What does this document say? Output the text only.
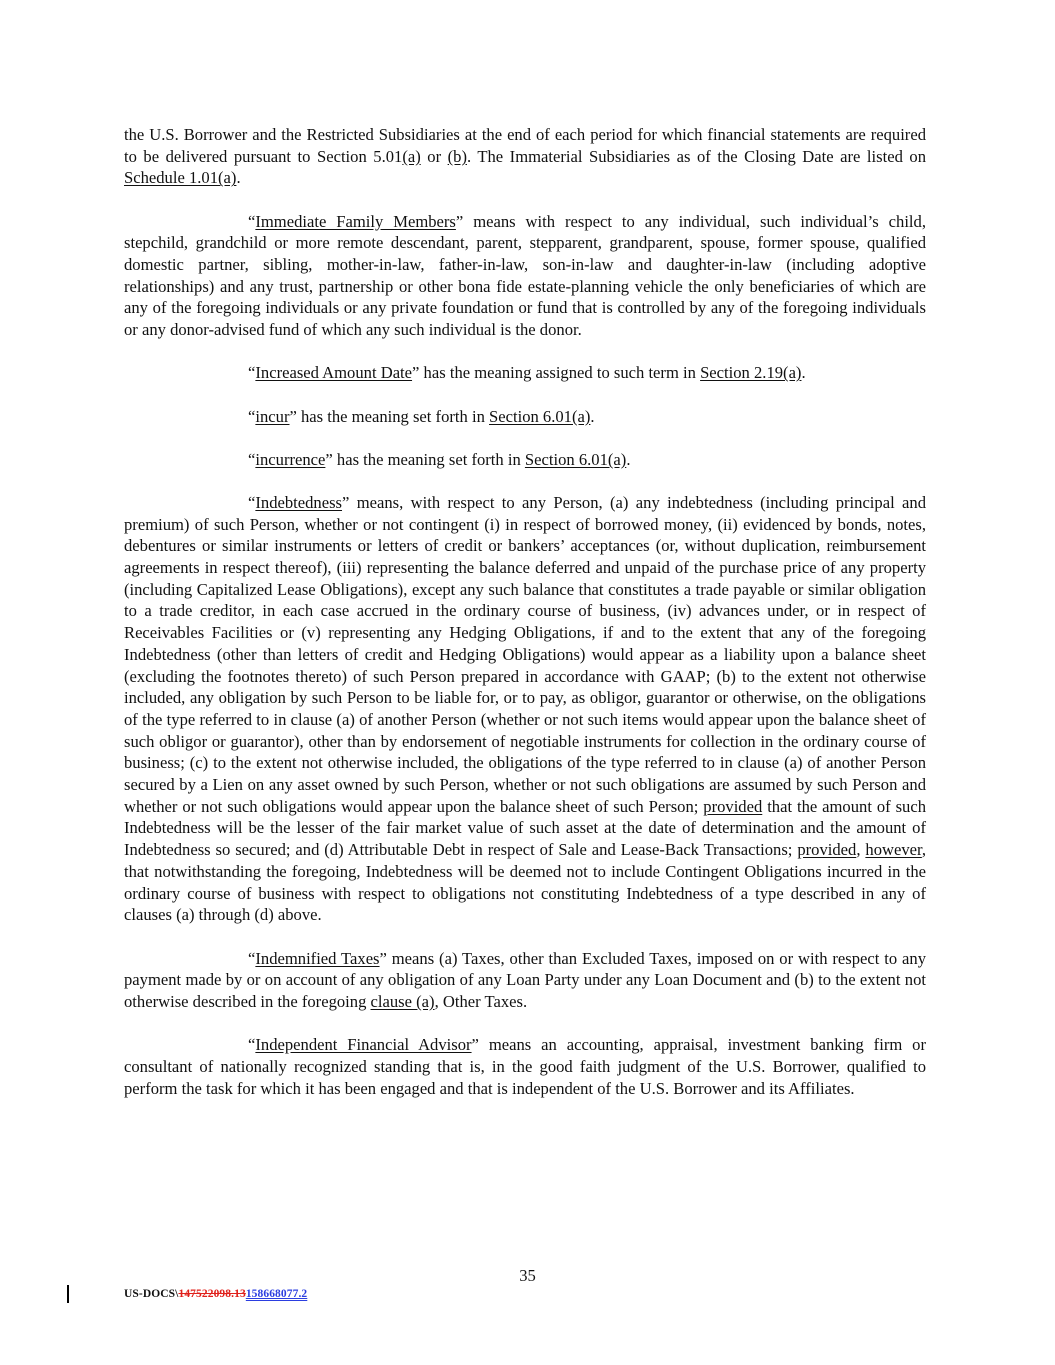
the U.S. Borrower and the Restricted Subsidiaries at the end of each period for which financial statements are required to be delivered pursuant to Section 5.01(a) or (b). The Immaterial Subsidiaries as of the Closing Date are listed on Schedule 1.01(a).

“Immediate Family Members” means with respect to any individual, such individual’s child, stepchild, grandchild or more remote descendant, parent, stepparent, grandparent, spouse, former spouse, qualified domestic partner, sibling, mother-in-law, father-in-law, son-in-law and daughter-in-law (including adoptive relationships) and any trust, partnership or other bona fide estate-planning vehicle the only beneficiaries of which are any of the foregoing individuals or any private foundation or fund that is controlled by any of the foregoing individuals or any donor-advised fund of which any such individual is the donor.

“Increased Amount Date” has the meaning assigned to such term in Section 2.19(a).

“incur” has the meaning set forth in Section 6.01(a).

“incurrence” has the meaning set forth in Section 6.01(a).

“Indebtedness” means, with respect to any Person, (a) any indebtedness (including principal and premium) of such Person, whether or not contingent (i) in respect of borrowed money, (ii) evidenced by bonds, notes, debentures or similar instruments or letters of credit or bankers’ acceptances (or, without duplication, reimbursement agreements in respect thereof), (iii) representing the balance deferred and unpaid of the purchase price of any property (including Capitalized Lease Obligations), except any such balance that constitutes a trade payable or similar obligation to a trade creditor, in each case accrued in the ordinary course of business, (iv) advances under, or in respect of Receivables Facilities or (v) representing any Hedging Obligations, if and to the extent that any of the foregoing Indebtedness (other than letters of credit and Hedging Obligations) would appear as a liability upon a balance sheet (excluding the footnotes thereto) of such Person prepared in accordance with GAAP; (b) to the extent not otherwise included, any obligation by such Person to be liable for, or to pay, as obligor, guarantor or otherwise, on the obligations of the type referred to in clause (a) of another Person (whether or not such items would appear upon the balance sheet of such obligor or guarantor), other than by endorsement of negotiable instruments for collection in the ordinary course of business; (c) to the extent not otherwise included, the obligations of the type referred to in clause (a) of another Person secured by a Lien on any asset owned by such Person, whether or not such obligations are assumed by such Person and whether or not such obligations would appear upon the balance sheet of such Person; provided that the amount of such Indebtedness will be the lesser of the fair market value of such asset at the date of determination and the amount of Indebtedness so secured; and (d) Attributable Debt in respect of Sale and Lease-Back Transactions; provided, however, that notwithstanding the foregoing, Indebtedness will be deemed not to include Contingent Obligations incurred in the ordinary course of business with respect to obligations not constituting Indebtedness of a type described in any of clauses (a) through (d) above.

“Indemnified Taxes” means (a) Taxes, other than Excluded Taxes, imposed on or with respect to any payment made by or on account of any obligation of any Loan Party under any Loan Document and (b) to the extent not otherwise described in the foregoing clause (a), Other Taxes.

“Independent Financial Advisor” means an accounting, appraisal, investment banking firm or consultant of nationally recognized standing that is, in the good faith judgment of the U.S. Borrower, qualified to perform the task for which it has been engaged and that is independent of the U.S. Borrower and its Affiliates.

35
US-DOCS\147522098.13158668077.2
